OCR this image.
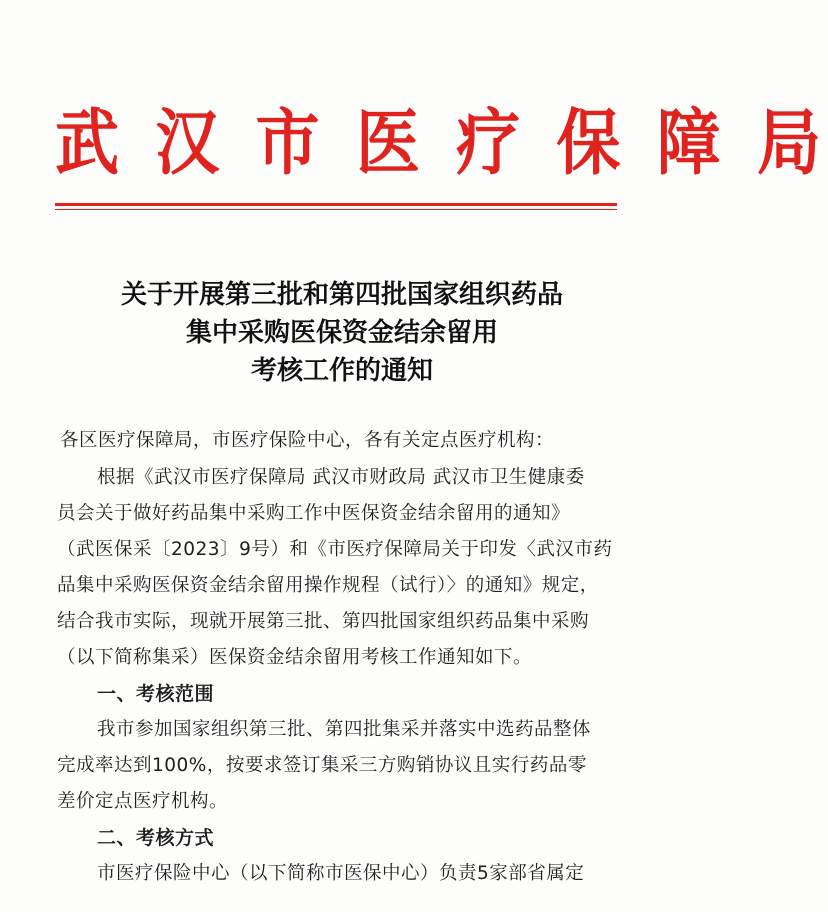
武 汉 市 医 疗 保 障 局
关于开展第三批和第四批国家组织药品
集中采购医保资金结余留用
考核工作的通知
各区医疗保障局，市医疗保险中心，各有关定点医疗机构：
根据《武汉市医疗保障局 武汉市财政局 武汉市卫生健康委
员会关于做好药品集中采购工作中医保资金结余留用的通知》
（武医保采〔2023〕9号）和《市医疗保障局关于印发〈武汉市药
品集中采购医保资金结余留用操作规程（试行）〉的通知》规定，
结合我市实际，现就开展第三批、第四批国家组织药品集中采购
（以下简称集采）医保资金结余留用考核工作通知如下。
一、考核范围
我市参加国家组织第三批、第四批集采并落实中选药品整体
完成率达到100%，按要求签订集采三方购销协议且实行药品零
差价定点医疗机构。
二、考核方式
市医疗保险中心（以下简称市医保中心）负责5家部省属定
